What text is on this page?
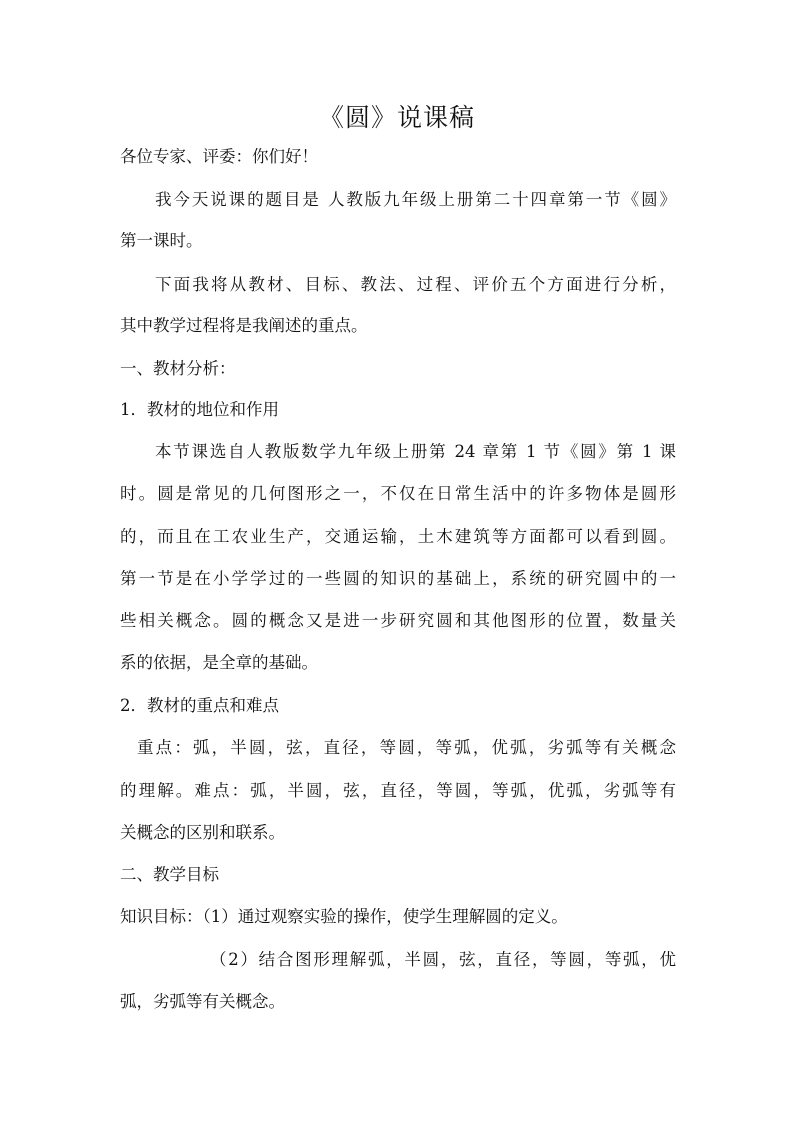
《圆》说课稿
各位专家、评委：你们好！
我今天说课的题目是 人教版九年级上册第二十四章第一节《圆》
第一课时。
下面我将从教材、目标、教法、过程、评价五个方面进行分析，
其中教学过程将是我阐述的重点。
一、教材分析：
1．教材的地位和作用
本节课选自人教版数学九年级上册第 24 章第 1 节《圆》第 1 课
时。圆是常见的几何图形之一，不仅在日常生活中的许多物体是圆形
的，而且在工农业生产，交通运输，土木建筑等方面都可以看到圆。
第一节是在小学学过的一些圆的知识的基础上，系统的研究圆中的一
些相关概念。圆的概念又是进一步研究圆和其他图形的位置，数量关
系的依据，是全章的基础。
2．教材的重点和难点
重点：弧，半圆，弦，直径，等圆，等弧，优弧，劣弧等有关概念
的理解。难点：弧，半圆，弦，直径，等圆，等弧，优弧，劣弧等有
关概念的区别和联系。
二、教学目标
知识目标：（1）通过观察实验的操作，使学生理解圆的定义。
（2）结合图形理解弧，半圆，弦，直径，等圆，等弧，优
弧，劣弧等有关概念。
